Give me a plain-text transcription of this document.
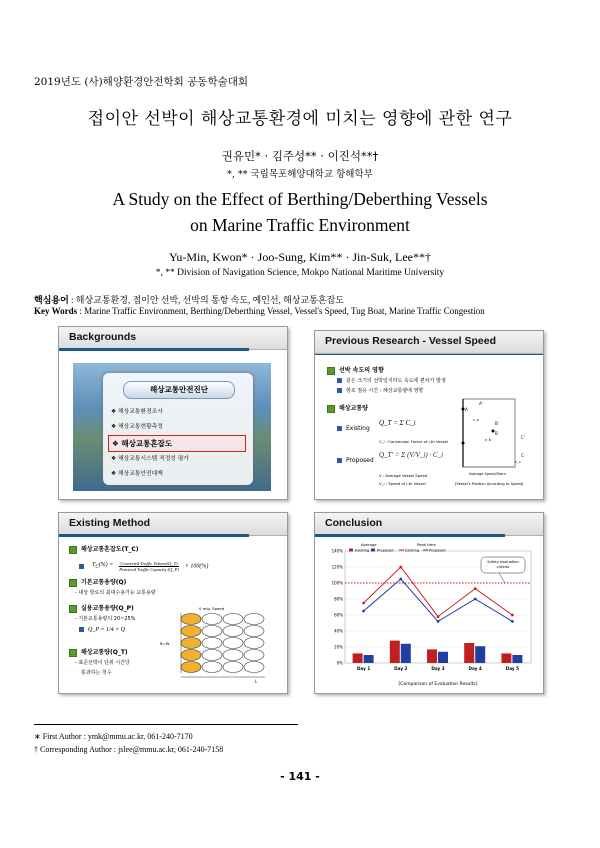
2019년도 (사)해양환경안전학회 공동학술대회
접이안 선박이 해상교통환경에 미치는 영향에 관한 연구
권유민* · 김주성** · 이진석**†
*, ** 국립목포해양대학교 항해학부
A Study on the Effect of Berthing/Deberthing Vessels
on Marine Traffic Environment
Yu-Min, Kwon* · Joo-Sung, Kim** · Jin-Suk, Lee**†
*, ** Division of Navigation Science, Mokpo National Maritime University
핵심용어 : 해상교통환경, 접이안 선박, 선박의 통항 속도, 예인선, 해상교통혼잡도
Key Words : Marine Traffic Environment, Berthing/Deberthing Vessel, Vessel's Speed, Tug Boat, Marine Traffic Congestion
Backgrounds
해상교통안전진단
❖ 해상교통환경조사
❖ 해상교통현황측정
❖ 해상교통혼잡도
❖ 해상교통시스템 적정성 평가
❖ 해상교통안전대책
Previous Research - Vessel Speed
선박 속도의 영향
같은 크기의 선박일지라도 속도에 편차가 발생
항로 점유 시간 : 해상교통량에 영향
해상교통량
Existing
Q_T = Σ C_i
C_i : Conversion Factor of i-th Vessel
Proposed
Q_T' = Σ (V/V_i) · C_i
V : Average Vessel Speed
V_i : Speed of i-th Vessel
A'
A
B'
B
C'
C
v_a
v_b
v_c
Average Speed/Stern
[Vessel's Position According to Speed]
Existing Method
해상교통혼잡도(T_C)
$T_C(\%)$ = Converted Traffic Volume(Q_T)
Practical Traffic Capacity (Q_P) × 100(%)
기본교통용량(Q)
- 대상 항로의 최대수용가능 교통용량
실용교통용량(Q_P)
- 기본교통용량의 20~25%
Q_P = 1/4 × Q
해상교통량(Q_T)
- 표준선박이 단위 시간당
통과하는 척수
0 mig. Speed
B=W
L
Conclusion
0%
20%
40%
60%
80%
100%
120%
140%
Day 1	Day 2	Day 3	Day 4	Day 5
Average	Peak time
Existing Proposed	Existing	Proposed
Safety evaluation criteria
[Comparison of Evaluation Results]
∗ First Author : ymk@mmu.ac.kr, 061-240-7170
† Corresponding Author : jslee@mmu.ac.kr, 061-240-7158
- 141 -
